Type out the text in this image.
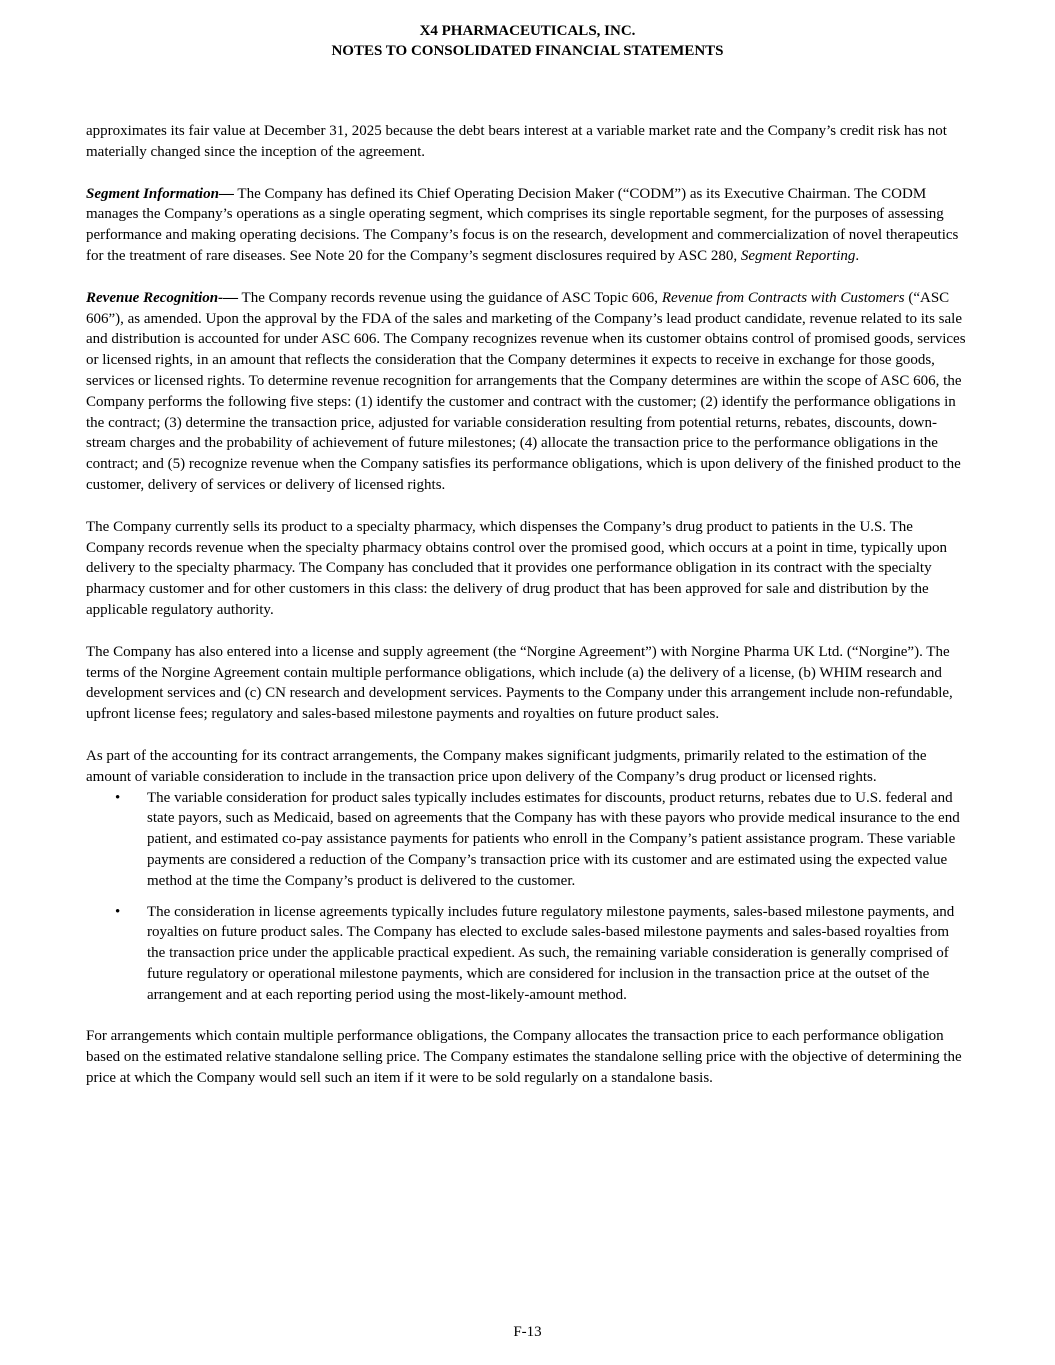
X4 PHARMACEUTICALS, INC.
NOTES TO CONSOLIDATED FINANCIAL STATEMENTS

approximates its fair value at December 31, 2025 because the debt bears interest at a variable market rate and the Company’s credit risk has not materially changed since the inception of the agreement.

Segment Information— The Company has defined its Chief Operating Decision Maker (“CODM”) as its Executive Chairman. The CODM manages the Company’s operations as a single operating segment, which comprises its single reportable segment, for the purposes of assessing performance and making operating decisions. The Company’s focus is on the research, development and commercialization of novel therapeutics for the treatment of rare diseases. See Note 20 for the Company’s segment disclosures required by ASC 280, Segment Reporting.

Revenue Recognition-— The Company records revenue using the guidance of ASC Topic 606, Revenue from Contracts with Customers (“ASC 606”), as amended. Upon the approval by the FDA of the sales and marketing of the Company’s lead product candidate, revenue related to its sale and distribution is accounted for under ASC 606. The Company recognizes revenue when its customer obtains control of promised goods, services or licensed rights, in an amount that reflects the consideration that the Company determines it expects to receive in exchange for those goods, services or licensed rights. To determine revenue recognition for arrangements that the Company determines are within the scope of ASC 606, the Company performs the following five steps: (1) identify the customer and contract with the customer; (2) identify the performance obligations in the contract; (3) determine the transaction price, adjusted for variable consideration resulting from potential returns, rebates, discounts, down-stream charges and the probability of achievement of future milestones; (4) allocate the transaction price to the performance obligations in the contract; and (5) recognize revenue when the Company satisfies its performance obligations, which is upon delivery of the finished product to the customer, delivery of services or delivery of licensed rights.

The Company currently sells its product to a specialty pharmacy, which dispenses the Company’s drug product to patients in the U.S. The Company records revenue when the specialty pharmacy obtains control over the promised good, which occurs at a point in time, typically upon delivery to the specialty pharmacy. The Company has concluded that it provides one performance obligation in its contract with the specialty pharmacy customer and for other customers in this class: the delivery of drug product that has been approved for sale and distribution by the applicable regulatory authority.

The Company has also entered into a license and supply agreement (the “Norgine Agreement”) with Norgine Pharma UK Ltd. (“Norgine”). The terms of the Norgine Agreement contain multiple performance obligations, which include (a) the delivery of a license, (b) WHIM research and development services and (c) CN research and development services. Payments to the Company under this arrangement include non-refundable, upfront license fees; regulatory and sales-based milestone payments and royalties on future product sales.

As part of the accounting for its contract arrangements, the Company makes significant judgments, primarily related to the estimation of the amount of variable consideration to include in the transaction price upon delivery of the Company’s drug product or licensed rights.

• The variable consideration for product sales typically includes estimates for discounts, product returns, rebates due to U.S. federal and state payors, such as Medicaid, based on agreements that the Company has with these payors who provide medical insurance to the end patient, and estimated co-pay assistance payments for patients who enroll in the Company’s patient assistance program. These variable payments are considered a reduction of the Company’s transaction price with its customer and are estimated using the expected value method at the time the Company’s product is delivered to the customer.
• The consideration in license agreements typically includes future regulatory milestone payments, sales-based milestone payments, and royalties on future product sales. The Company has elected to exclude sales-based milestone payments and sales-based royalties from the transaction price under the applicable practical expedient. As such, the remaining variable consideration is generally comprised of future regulatory or operational milestone payments, which are considered for inclusion in the transaction price at the outset of the arrangement and at each reporting period using the most-likely-amount method.

For arrangements which contain multiple performance obligations, the Company allocates the transaction price to each performance obligation based on the estimated relative standalone selling price. The Company estimates the standalone selling price with the objective of determining the price at which the Company would sell such an item if it were to be sold regularly on a standalone basis.

F-13
